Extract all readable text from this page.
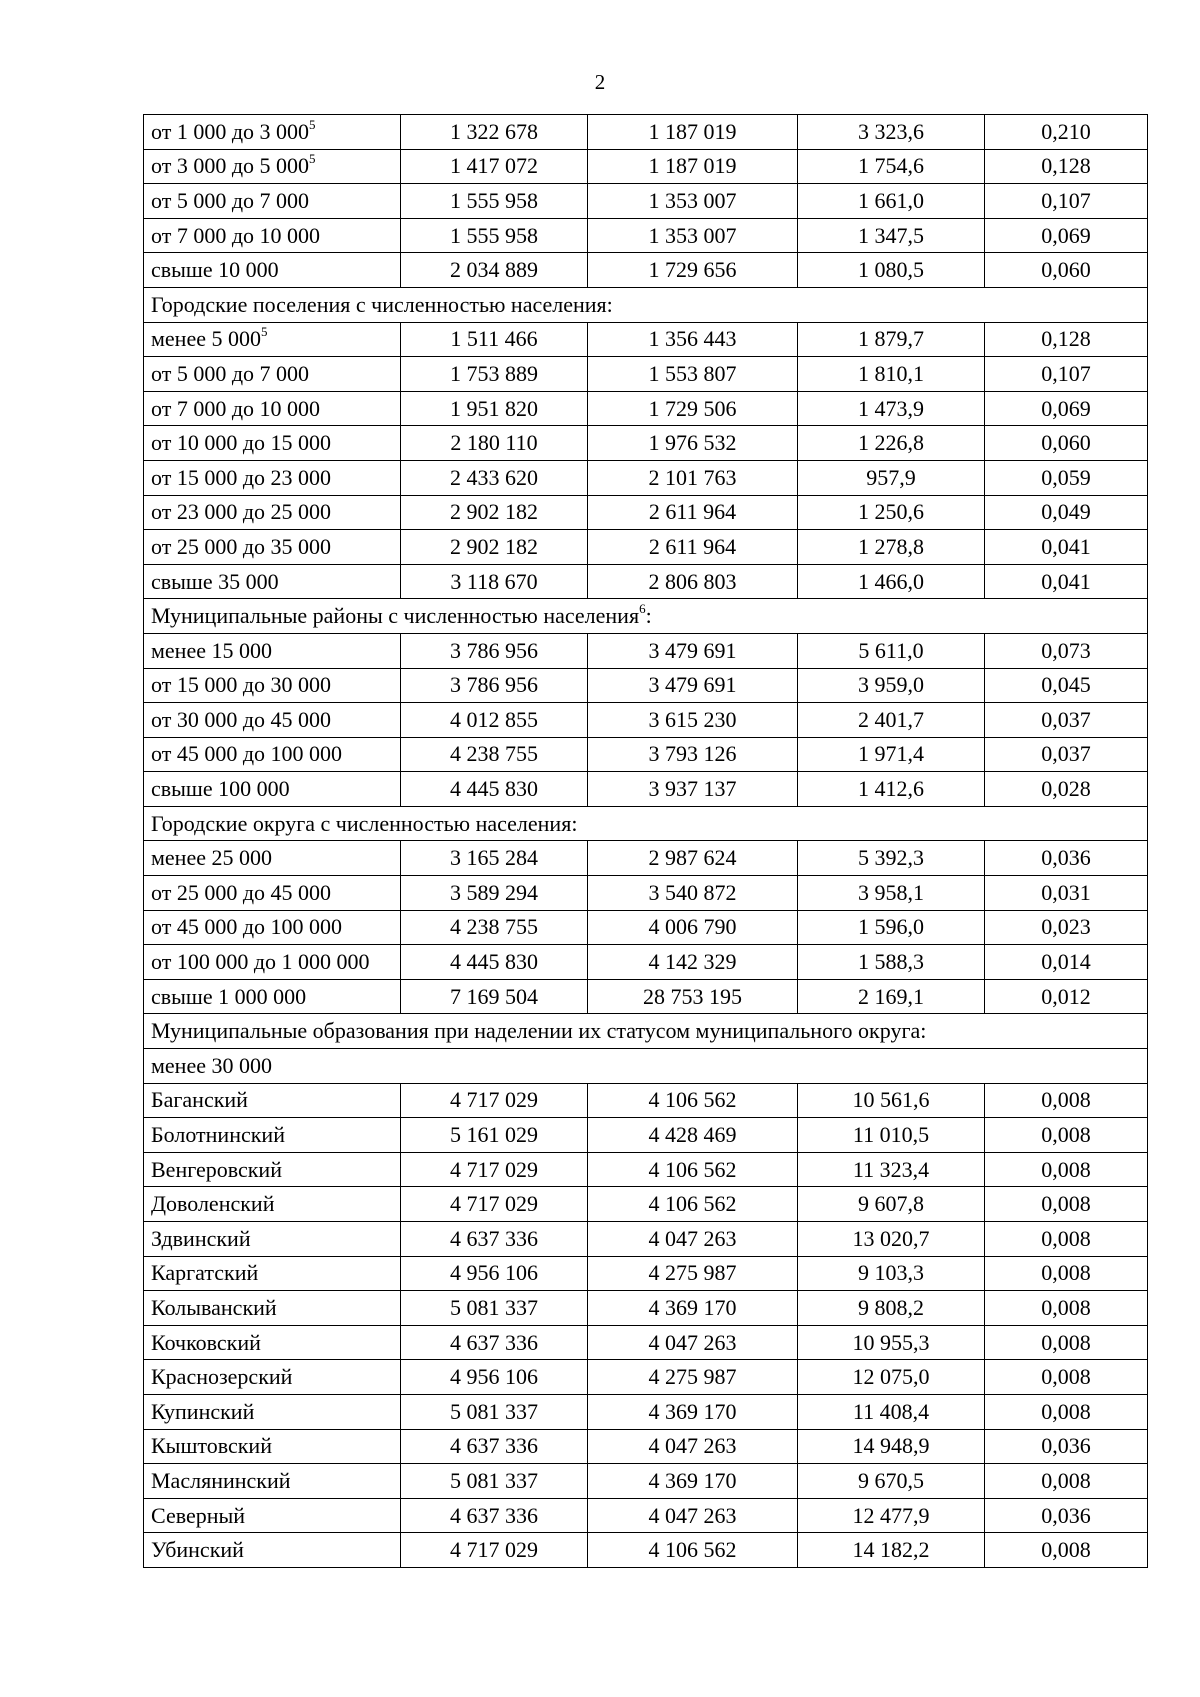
2
от 1 000 до 3 $000^5$	1 322 678	1 187 019	3 323,6	0,210
от 3 000 до 5 $000^5$	1 417 072	1 187 019	1 754,6	0,128
от 5 000 до 7 000	1 555 958	1 353 007	1 661,0	0,107
от 7 000 до 10 000	1 555 958	1 353 007	1 347,5	0,069
свыше 10 000	2 034 889	1 729 656	1 080,5	0,060
Городские поселения с численностью населения:				
менее 5 $000^5$	1 511 466	1 356 443	1 879,7	0,128
от 5 000 до 7 000	1 753 889	1 553 807	1 810,1	0,107
от 7 000 до 10 000	1 951 820	1 729 506	1 473,9	0,069
от 10 000 до 15 000	2 180 110	1 976 532	1 226,8	0,060
от 15 000 до 23 000	2 433 620	2 101 763	957,9	0,059
от 23 000 до 25 000	2 902 182	2 611 964	1 250,6	0,049
от 25 000 до 35 000	2 902 182	2 611 964	1 278,8	0,041
свыше 35 000	3 118 670	2 806 803	1 466,0	0,041
Муниципальные районы с численностью населения$^6$:				
менее 15 000	3 786 956	3 479 691	5 611,0	0,073
от 15 000 до 30 000	3 786 956	3 479 691	3 959,0	0,045
от 30 000 до 45 000	4 012 855	3 615 230	2 401,7	0,037
от 45 000 до 100 000	4 238 755	3 793 126	1 971,4	0,037
свыше 100 000	4 445 830	3 937 137	1 412,6	0,028
Городские округа с численностью населения:				
менее 25 000	3 165 284	2 987 624	5 392,3	0,036
от 25 000 до 45 000	3 589 294	3 540 872	3 958,1	0,031
от 45 000 до 100 000	4 238 755	4 006 790	1 596,0	0,023
от 100 000 до 1 000 000	4 445 830	4 142 329	1 588,3	0,014
свыше 1 000 000	7 169 504	28 753 195	2 169,1	0,012
Муниципальные образования при наделении их статусом муниципального округа:				
менее 30 000				
Баганский	4 717 029	4 106 562	10 561,6	0,008
Болотнинский	5 161 029	4 428 469	11 010,5	0,008
Венгеровский	4 717 029	4 106 562	11 323,4	0,008
Доволенский	4 717 029	4 106 562	9 607,8	0,008
Здвинский	4 637 336	4 047 263	13 020,7	0,008
Каргатский	4 956 106	4 275 987	9 103,3	0,008
Колыванский	5 081 337	4 369 170	9 808,2	0,008
Кочковский	4 637 336	4 047 263	10 955,3	0,008
Краснозерский	4 956 106	4 275 987	12 075,0	0,008
Купинский	5 081 337	4 369 170	11 408,4	0,008
Кыштовский	4 637 336	4 047 263	14 948,9	0,036
Маслянинский	5 081 337	4 369 170	9 670,5	0,008
Северный	4 637 336	4 047 263	12 477,9	0,036
Убинский	4 717 029	4 106 562	14 182,2	0,008
